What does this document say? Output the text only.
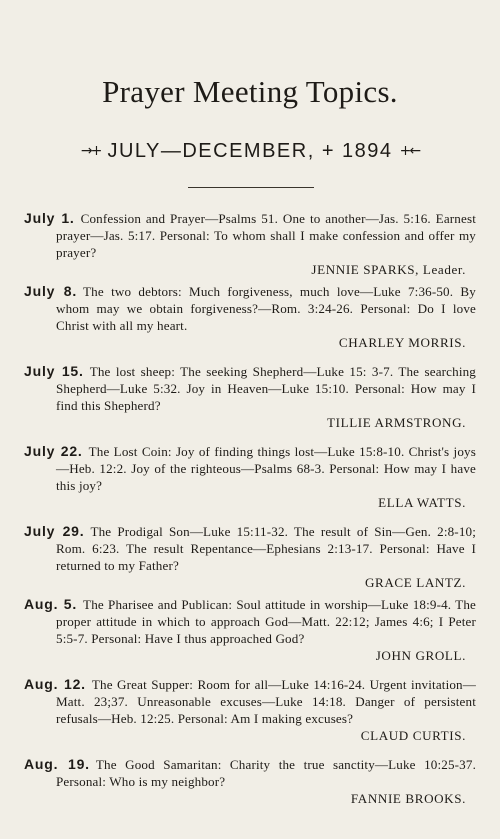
Prayer Meeting Topics.
→+ JULY—DECEMBER, + 1894 +←
July 1. Confession and Prayer—Psalms 51. One to another—Jas. 5:16. Earnest prayer—Jas. 5:17. Personal: To whom shall I make confession and offer my prayer?
JENNIE SPARKS, Leader.
July 8. The two debtors: Much forgiveness, much love—Luke 7:36-50. By whom may we obtain forgiveness?—Rom. 3:24-26. Personal: Do I love Christ with all my heart.
CHARLEY MORRIS.
July 15. The lost sheep: The seeking Shepherd—Luke 15: 3-7. The searching Shepherd—Luke 5:32. Joy in Heaven—Luke 15:10. Personal: How may I find this Shepherd?
TILLIE ARMSTRONG.
July 22. The Lost Coin: Joy of finding things lost—Luke 15:8-10. Christ's joys—Heb. 12:2. Joy of the righteous—Psalms 68-3. Personal: How may I have this joy?
ELLA WATTS.
July 29. The Prodigal Son—Luke 15:11-32. The result of Sin—Gen. 2:8-10; Rom. 6:23. The result Repentance—Ephesians 2:13-17. Personal: Have I returned to my Father?
GRACE LANTZ.
Aug. 5. The Pharisee and Publican: Soul attitude in worship—Luke 18:9-4. The proper attitude in which to approach God—Matt. 22:12; James 4:6; I Peter 5:5-7. Personal: Have I thus approached God?
JOHN GROLL.
Aug. 12. The Great Supper: Room for all—Luke 14:16-24. Urgent invitation—Matt. 23;37. Unreasonable excuses—Luke 14:18. Danger of persistent refusals—Heb. 12:25. Personal: Am I making excuses?
CLAUD CURTIS.
Aug. 19. The Good Samaritan: Charity the true sanctity—Luke 10:25-37. Personal: Who is my neighbor?
FANNIE BROOKS.
